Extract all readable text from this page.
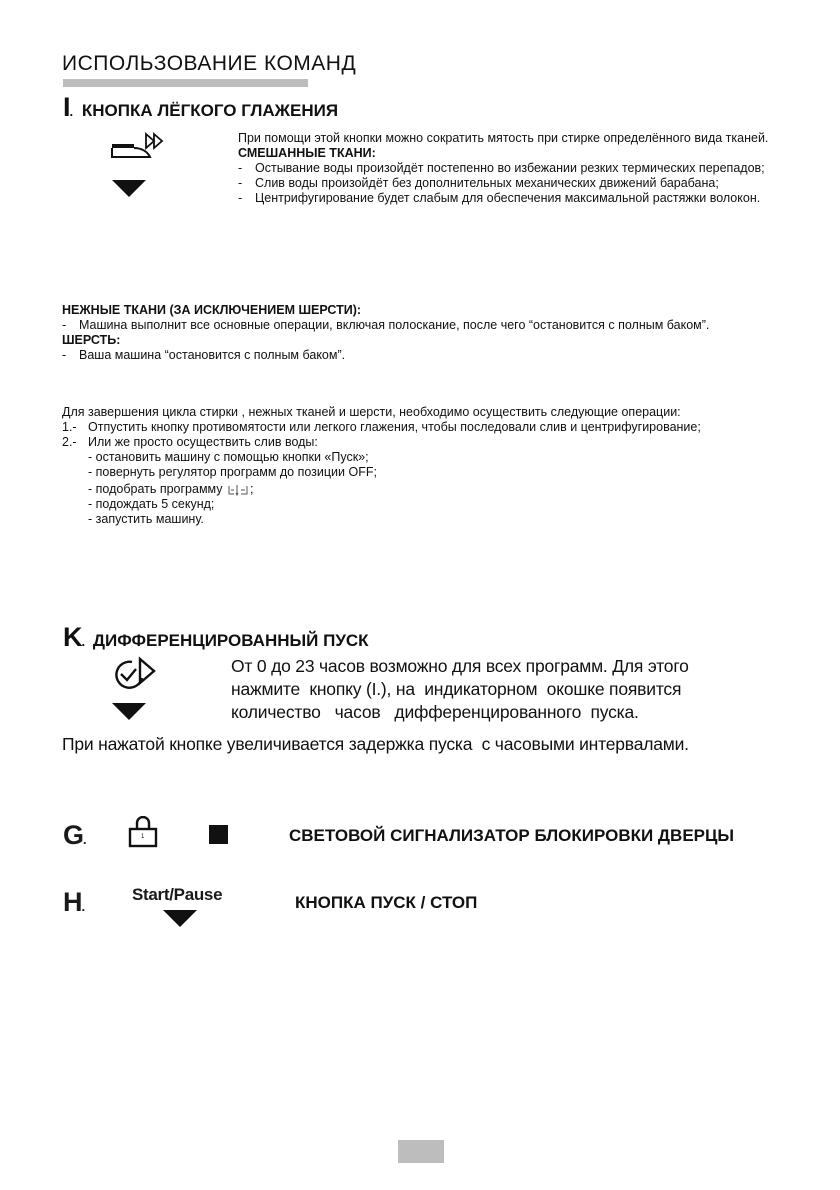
ИСПОЛЬЗОВАНИЕ КОМАНД
I. КНОПКА ЛЁГКОГО ГЛАЖЕНИЯ
При помощи этой кнопки можно сократить мятость при стирке определённого вида тканей.
СМЕШАННЫЕ ТКАНИ:
- Остывание воды произойдёт постепенно во избежании резких термических перепадов;
- Слив воды произойдёт без дополнительных механических движений барабана;
- Центрифугирование будет слабым для обеспечения максимальной растяжки волокон.
НЕЖНЫЕ ТКАНИ (ЗА ИСКЛЮЧЕНИЕМ ШЕРСТИ):
- Машина выполнит все основные операции, включая полоскание, после чего “остановится с полным баком”.
ШЕРСТЬ:
- Ваша машина “остановится с полным баком”.
Для завершения цикла стирки , нежных тканей и шерсти, необходимо осуществить следующие операции:
1.- Отпустить кнопку противомятости или легкого глажения, чтобы последовали слив и центрифугирование;
2.- Или же просто осуществить слив воды:
- остановить машину с помощью кнопки «Пуск»;
- повернуть регулятор программ до позиции OFF;
- подобрать программу ;
- подождать 5 секунд;
- запустить машину.
K. ДИФФЕРЕНЦИРОВАННЫЙ ПУСК
От 0 до 23 часов возможно для всех программ. Для этого
нажмите  кнопку (I.), на  индикаторном  окошке появится
количество   часов   дифференцированного  пуска.
При нажатой кнопке увеличивается задержка пуска  с часовыми интервалами.
G.	1	СВЕТОВОЙ СИГНАЛИЗАТОР БЛОКИРОВКИ ДВЕРЦЫ
H.
Start/Pause	КНОПКА ПУСК / СТОП
